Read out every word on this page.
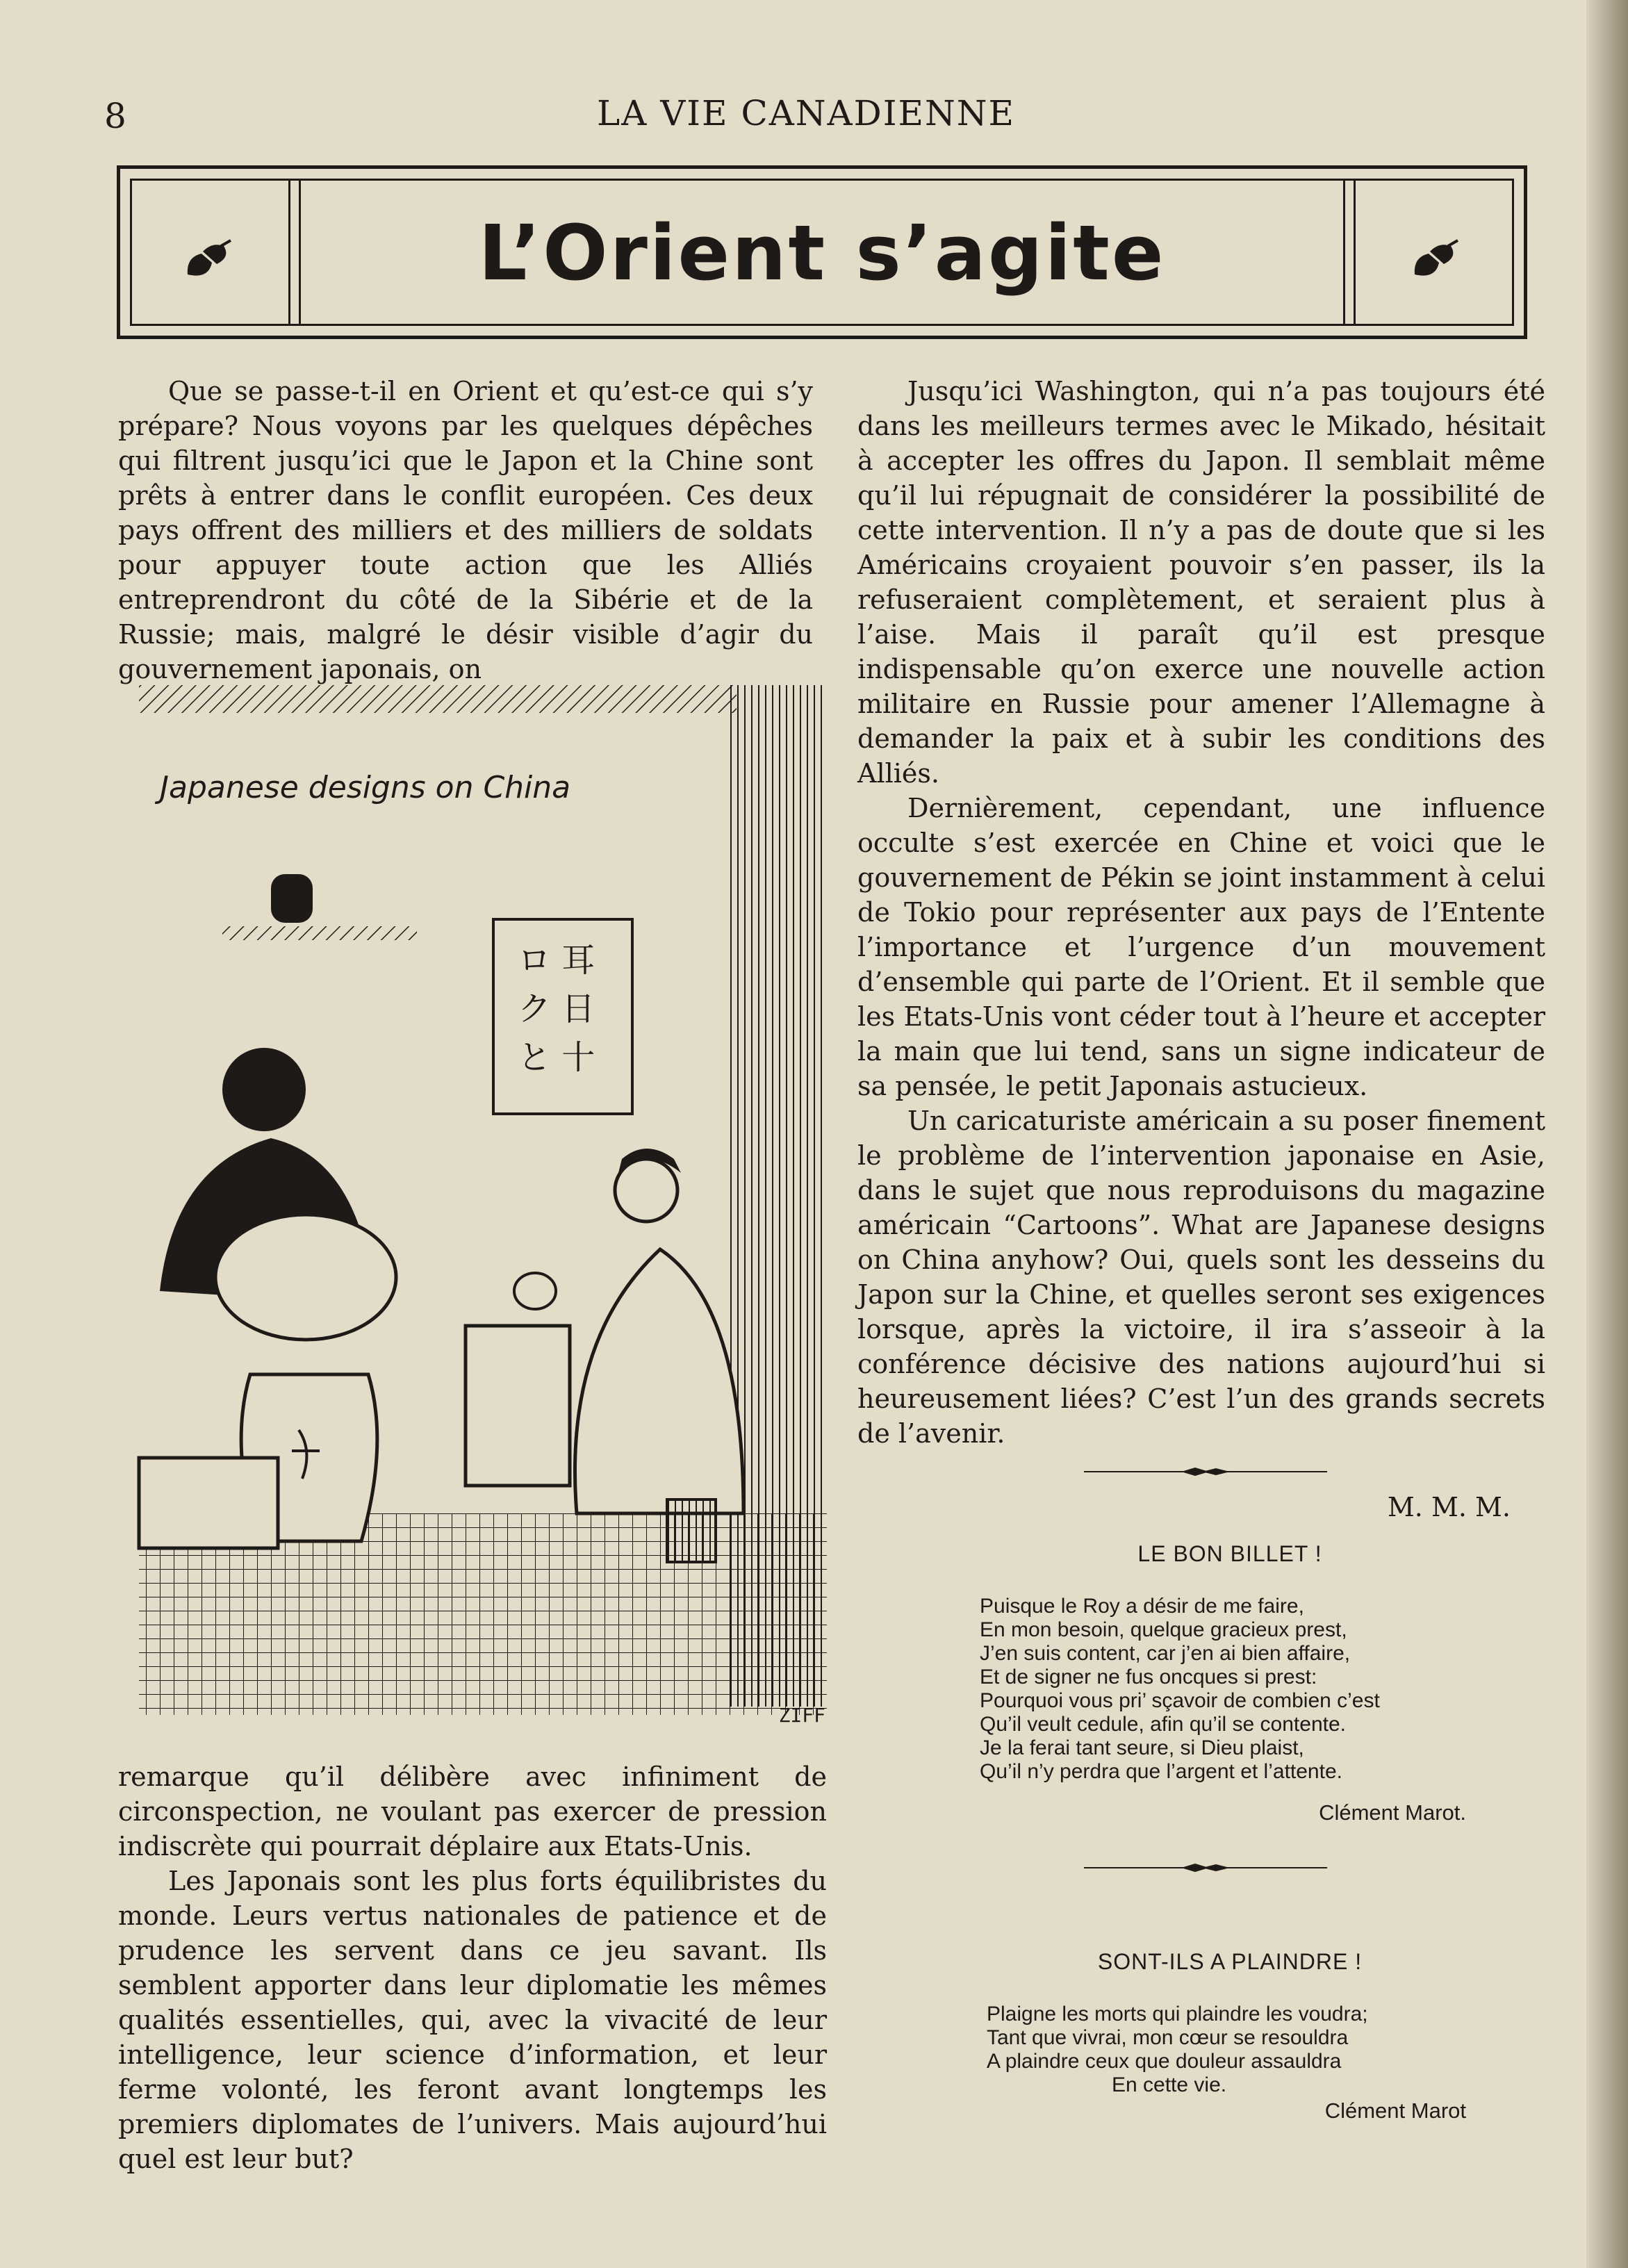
8	LA VIE CANADIENNE
L’Orient s’agite

Que se passe-t-il en Orient et qu’est-ce qui s’y prépare? Nous voyons par les quelques dépêches qui filtrent jusqu’ici que le Japon et la Chine sont prêts à entrer dans le conflit européen. Ces deux pays offrent des milliers et des milliers de soldats pour appuyer toute action que les Alliés entreprendront du côté de la Sibérie et de la Russie; mais, malgré le désir visible d’agir du gouvernement japonais, on

ロ 耳
ク 日
と 十
Japanese designs on China
ZIFF

remarque qu’il délibère avec infiniment de circonspection, ne voulant pas exercer de pression indiscrète qui pourrait déplaire aux Etats-Unis.

Les Japonais sont les plus forts équilibristes du monde. Leurs vertus nationales de patience et de prudence les servent dans ce jeu savant. Ils semblent apporter dans leur diplomatie les mêmes qualités essentielles, qui, avec la vivacité de leur intelligence, leur science d’information, et leur ferme volonté, les feront avant longtemps les premiers diplomates de l’univers. Mais aujourd’hui quel est leur but?

Jusqu’ici Washington, qui n’a pas toujours été dans les meilleurs termes avec le Mikado, hésitait à accepter les offres du Japon. Il semblait même qu’il lui répugnait de considérer la possibilité de cette intervention. Il n’y a pas de doute que si les Américains croyaient pouvoir s’en passer, ils la refuseraient complètement, et seraient plus à l’aise. Mais il paraît qu’il est presque indispensable qu’on exerce une nouvelle action militaire en Russie pour amener l’Allemagne à demander la paix et à subir les conditions des Alliés.

Dernièrement, cependant, une influence occulte s’est exercée en Chine et voici que le gouvernement de Pékin se joint instamment à celui de Tokio pour représenter aux pays de l’Entente l’importance et l’urgence d’un mouvement d’ensemble qui parte de l’Orient. Et il semble que les Etats-Unis vont céder tout à l’heure et accepter la main que lui tend, sans un signe indicateur de sa pensée, le petit Japonais astucieux.

Un caricaturiste américain a su poser finement le problème de l’intervention japonaise en Asie, dans le sujet que nous reproduisons du magazine américain “Cartoons”. What are Japanese designs on China anyhow? Oui, quels sont les desseins du Japon sur la Chine, et quelles seront ses exigences lorsque, après la victoire, il ira s’asseoir à la conférence décisive des nations aujourd’hui si heureusement liées? C’est l’un des grands secrets de l’avenir.

M. M. M.

LE BON BILLET !

Puisque le Roy a désir de me faire,
En mon besoin, quelque gracieux prest,
J’en suis content, car j’en ai bien affaire,
Et de signer ne fus oncques si prest:
Pourquoi vous pri’ sçavoir de combien c’est
Qu’il veult cedule, afin qu’il se contente.
Je la ferai tant seure, si Dieu plaist,
Qu’il n’y perdra que l’argent et l’attente.
Clément Marot.

SONT-ILS A PLAINDRE !

Plaigne les morts qui plaindre les voudra;
Tant que vivrai, mon cœur se resouldra
A plaindre ceux que douleur assauldra
En cette vie.
Clément Marot
